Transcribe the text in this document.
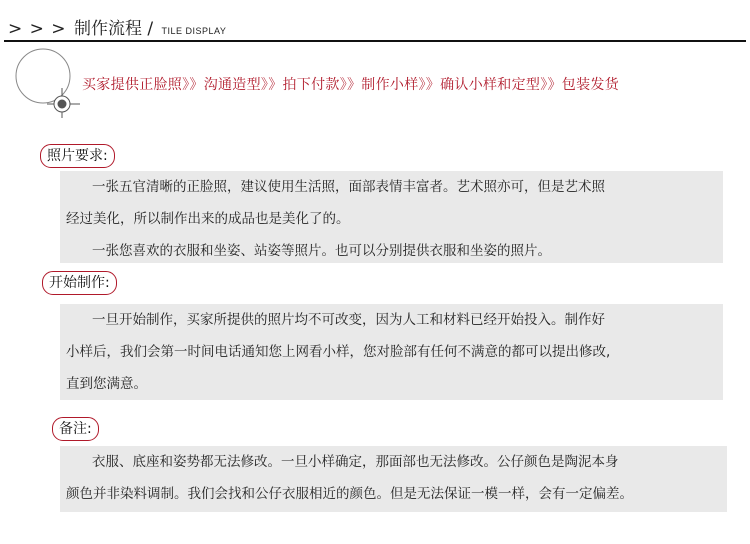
> > > 制作流程 / TILE DISPLAY
买家提供正脸照》》沟通造型》》拍下付款》》制作小样》》确认小样和定型》》包装发货
照片要求:

一张五官清晰的正脸照，建议使用生活照，面部表情丰富者。艺术照亦可，但是艺术照

经过美化，所以制作出来的成品也是美化了的。

一张您喜欢的衣服和坐姿、站姿等照片。也可以分别提供衣服和坐姿的照片。

开始制作:

一旦开始制作，买家所提供的照片均不可改变，因为人工和材料已经开始投入。制作好

小样后，我们会第一时间电话通知您上网看小样，您对脸部有任何不满意的都可以提出修改,

直到您满意。

备注:

衣服、底座和姿势都无法修改。一旦小样确定，那面部也无法修改。公仔颜色是陶泥本身

颜色并非染料调制。我们会找和公仔衣服相近的颜色。但是无法保证一模一样，会有一定偏差。
